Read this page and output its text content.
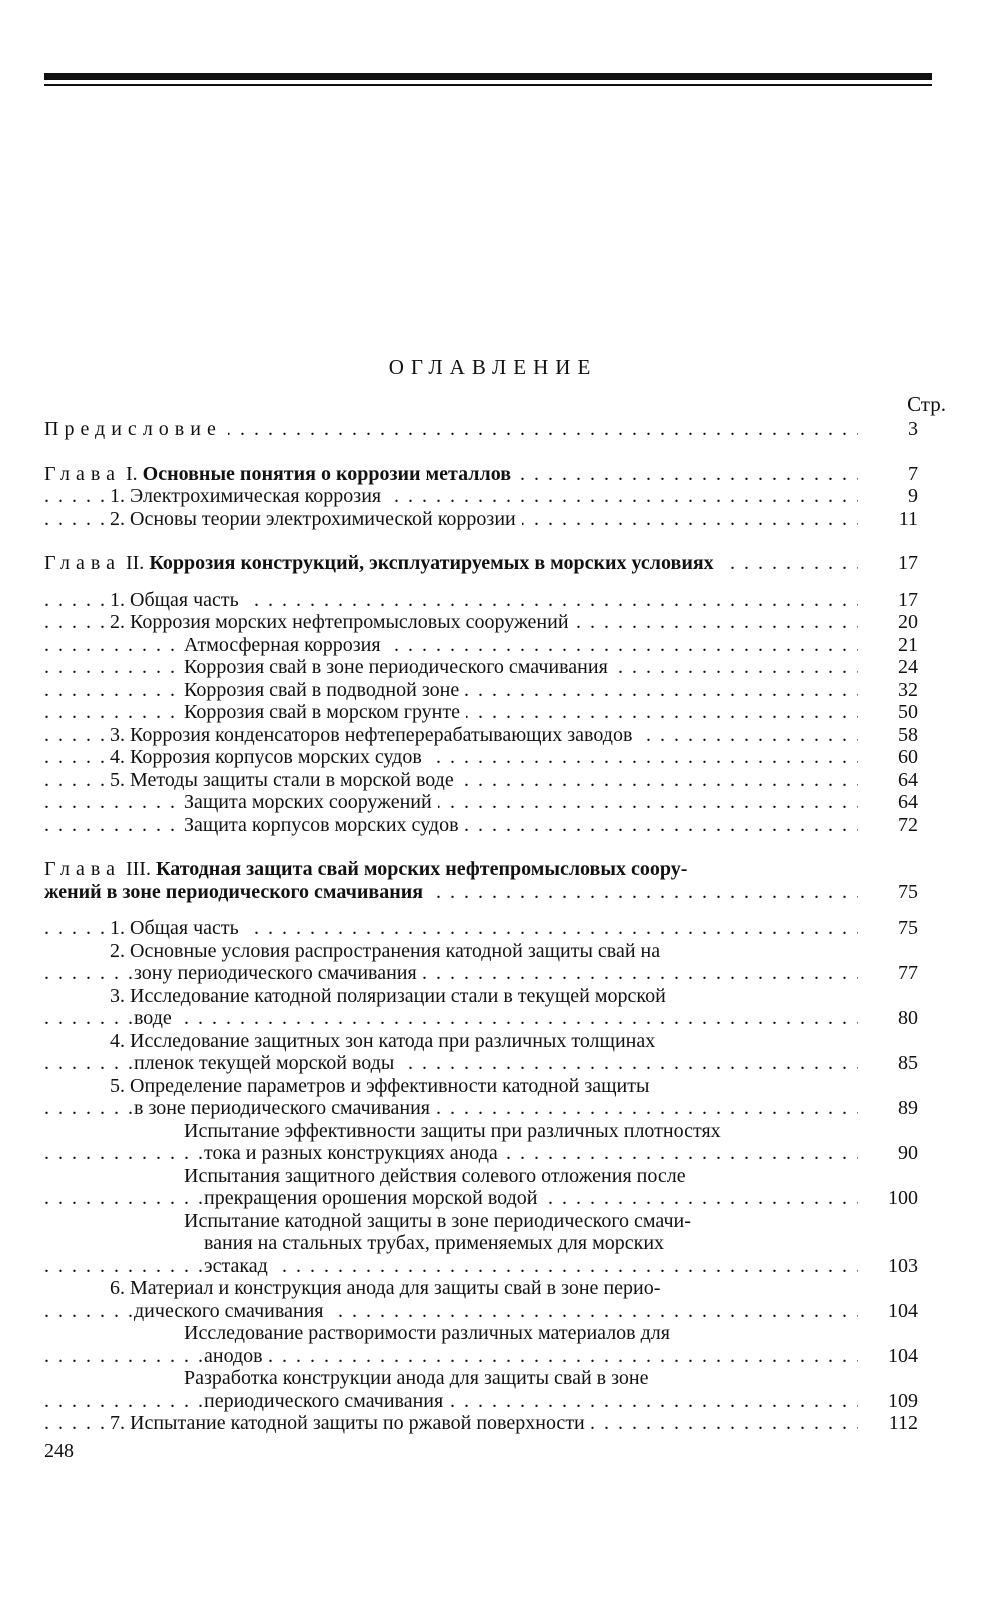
ОГЛАВЛЕНИЕ
Стр.
Предисловие . . .	3
Глава I. Основные понятия о коррозии металлов . . .	7
1. Электрохимическая коррозия . . .	9
2. Основы теории электрохимической коррозии . . .	11
Глава II. Коррозия конструкций, эксплуатируемых в морских условиях . . .	17
1. Общая часть . . .	17
2. Коррозия морских нефтепромысловых сооружений . . .	20
Атмосферная коррозия . . .	21
Коррозия свай в зоне периодического смачивания . . .	24
Коррозия свай в подводной зоне . . .	32
Коррозия свай в морском грунте . . .	50
3. Коррозия конденсаторов нефтеперерабатывающих заводов . . .	58
4. Коррозия корпусов морских судов . . .	60
5. Методы защиты стали в морской воде . . .	64
Защита морских сооружений . . .	64
Защита корпусов морских судов . . .	72
Глава III. Катодная защита свай морских нефтепромысловых соору-
жений в зоне периодического смачивания . . .	75
1. Общая часть . . .	75
2. Основные условия распространения катодной защиты свай на
зону периодического смачивания . . .	77
3. Исследование катодной поляризации стали в текущей морской
воде . . .	80
4. Исследование защитных зон катода при различных толщинах
пленок текущей морской воды . . .	85
5. Определение параметров и эффективности катодной защиты
в зоне периодического смачивания . . .	89
Испытание эффективности защиты при различных плотностях
тока и разных конструкциях анода . . .	90
Испытания защитного действия солевого отложения после
прекращения орошения морской водой . . .	100
Испытание катодной защиты в зоне периодического смачи-
вания на стальных трубах, применяемых для морских
эстакад . . .	103
6. Материал и конструкция анода для защиты свай в зоне перио-
дического смачивания . . .	104
Исследование растворимости различных материалов для
анодов . . .	104
Разработка конструкции анода для защиты свай в зоне
периодического смачивания . . .	109
7. Испытание катодной защиты по ржавой поверхности . . .	112
248
